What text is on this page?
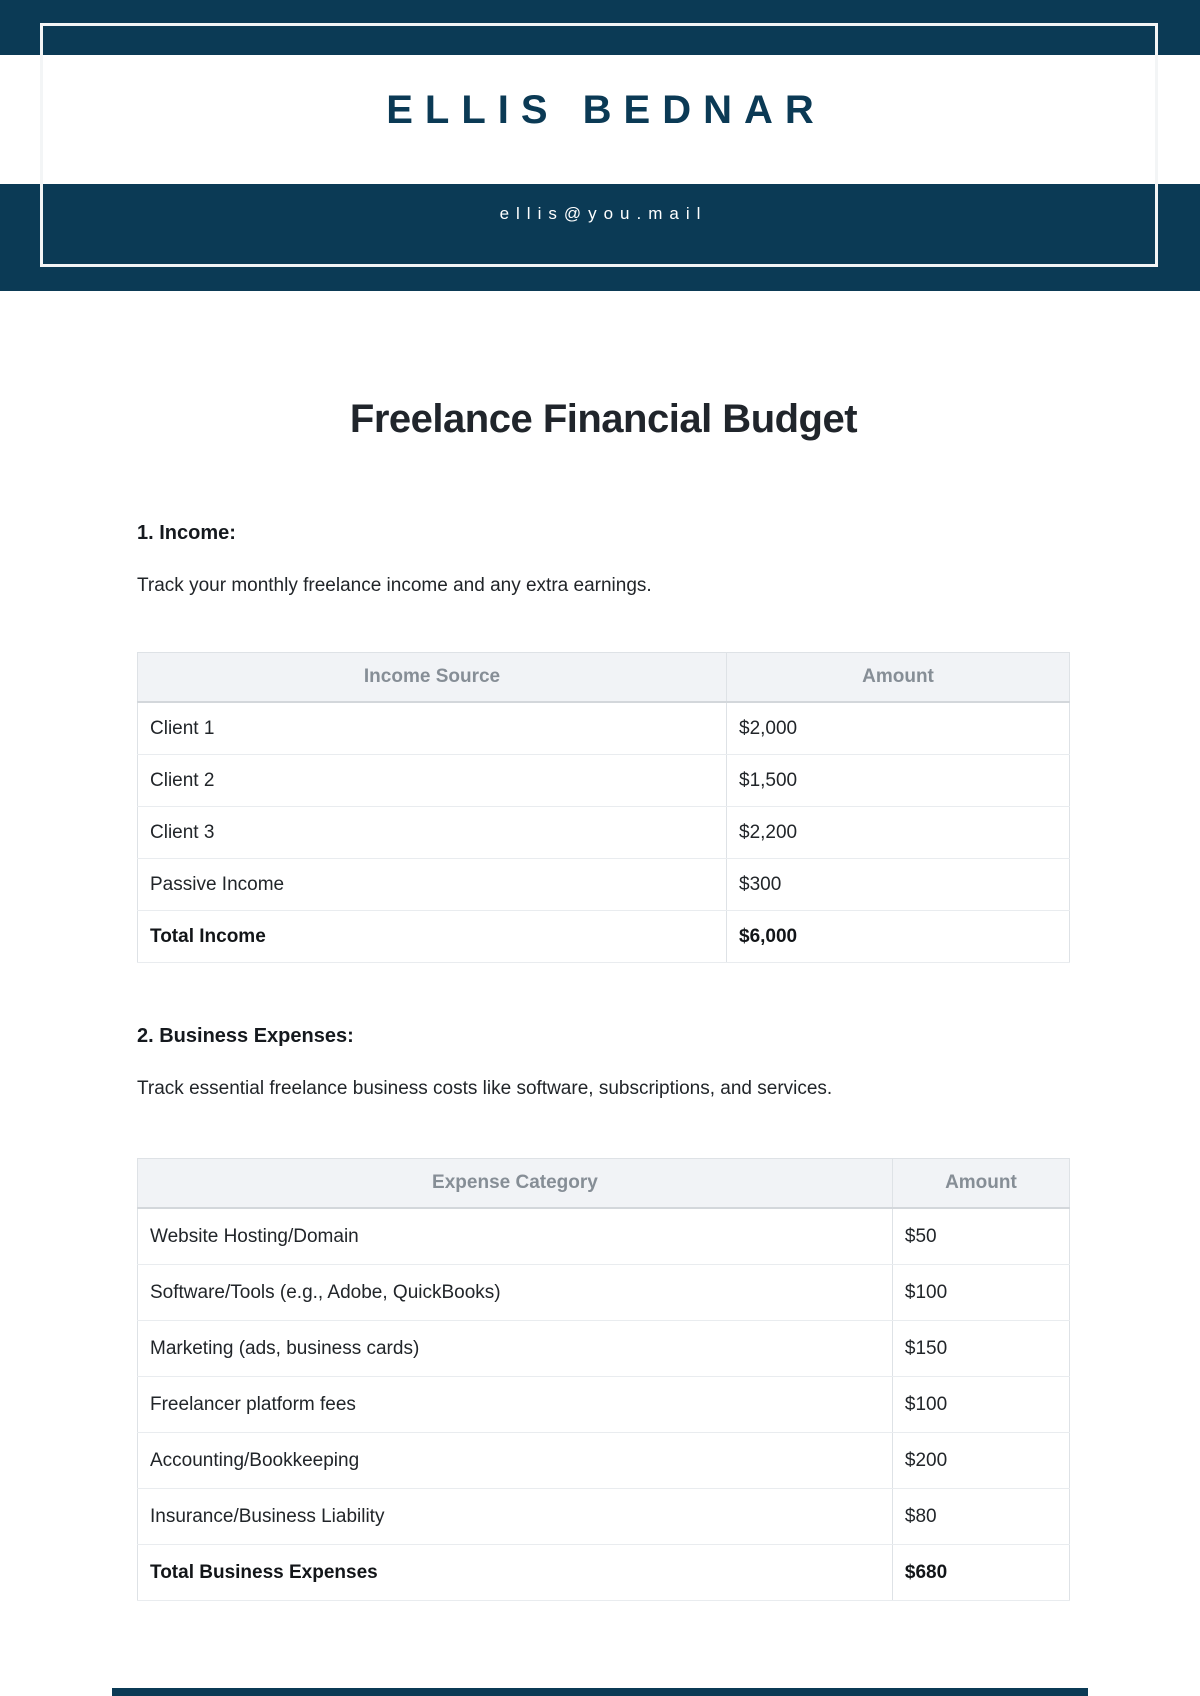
ELLIS BEDNAR
ellis@you.mail
Freelance Financial Budget
1. Income:

Track your monthly freelance income and any extra earnings.

Income Source	Amount
Client 1	$2,000
Client 2	$1,500
Client 3	$2,200
Passive Income	$300
Total Income	$6,000
2. Business Expenses:

Track essential freelance business costs like software, subscriptions, and services.

Expense Category	Amount
Website Hosting/Domain	$50
Software/Tools (e.g., Adobe, QuickBooks)	$100
Marketing (ads, business cards)	$150
Freelancer platform fees	$100
Accounting/Bookkeeping	$200
Insurance/Business Liability	$80
Total Business Expenses	$680
